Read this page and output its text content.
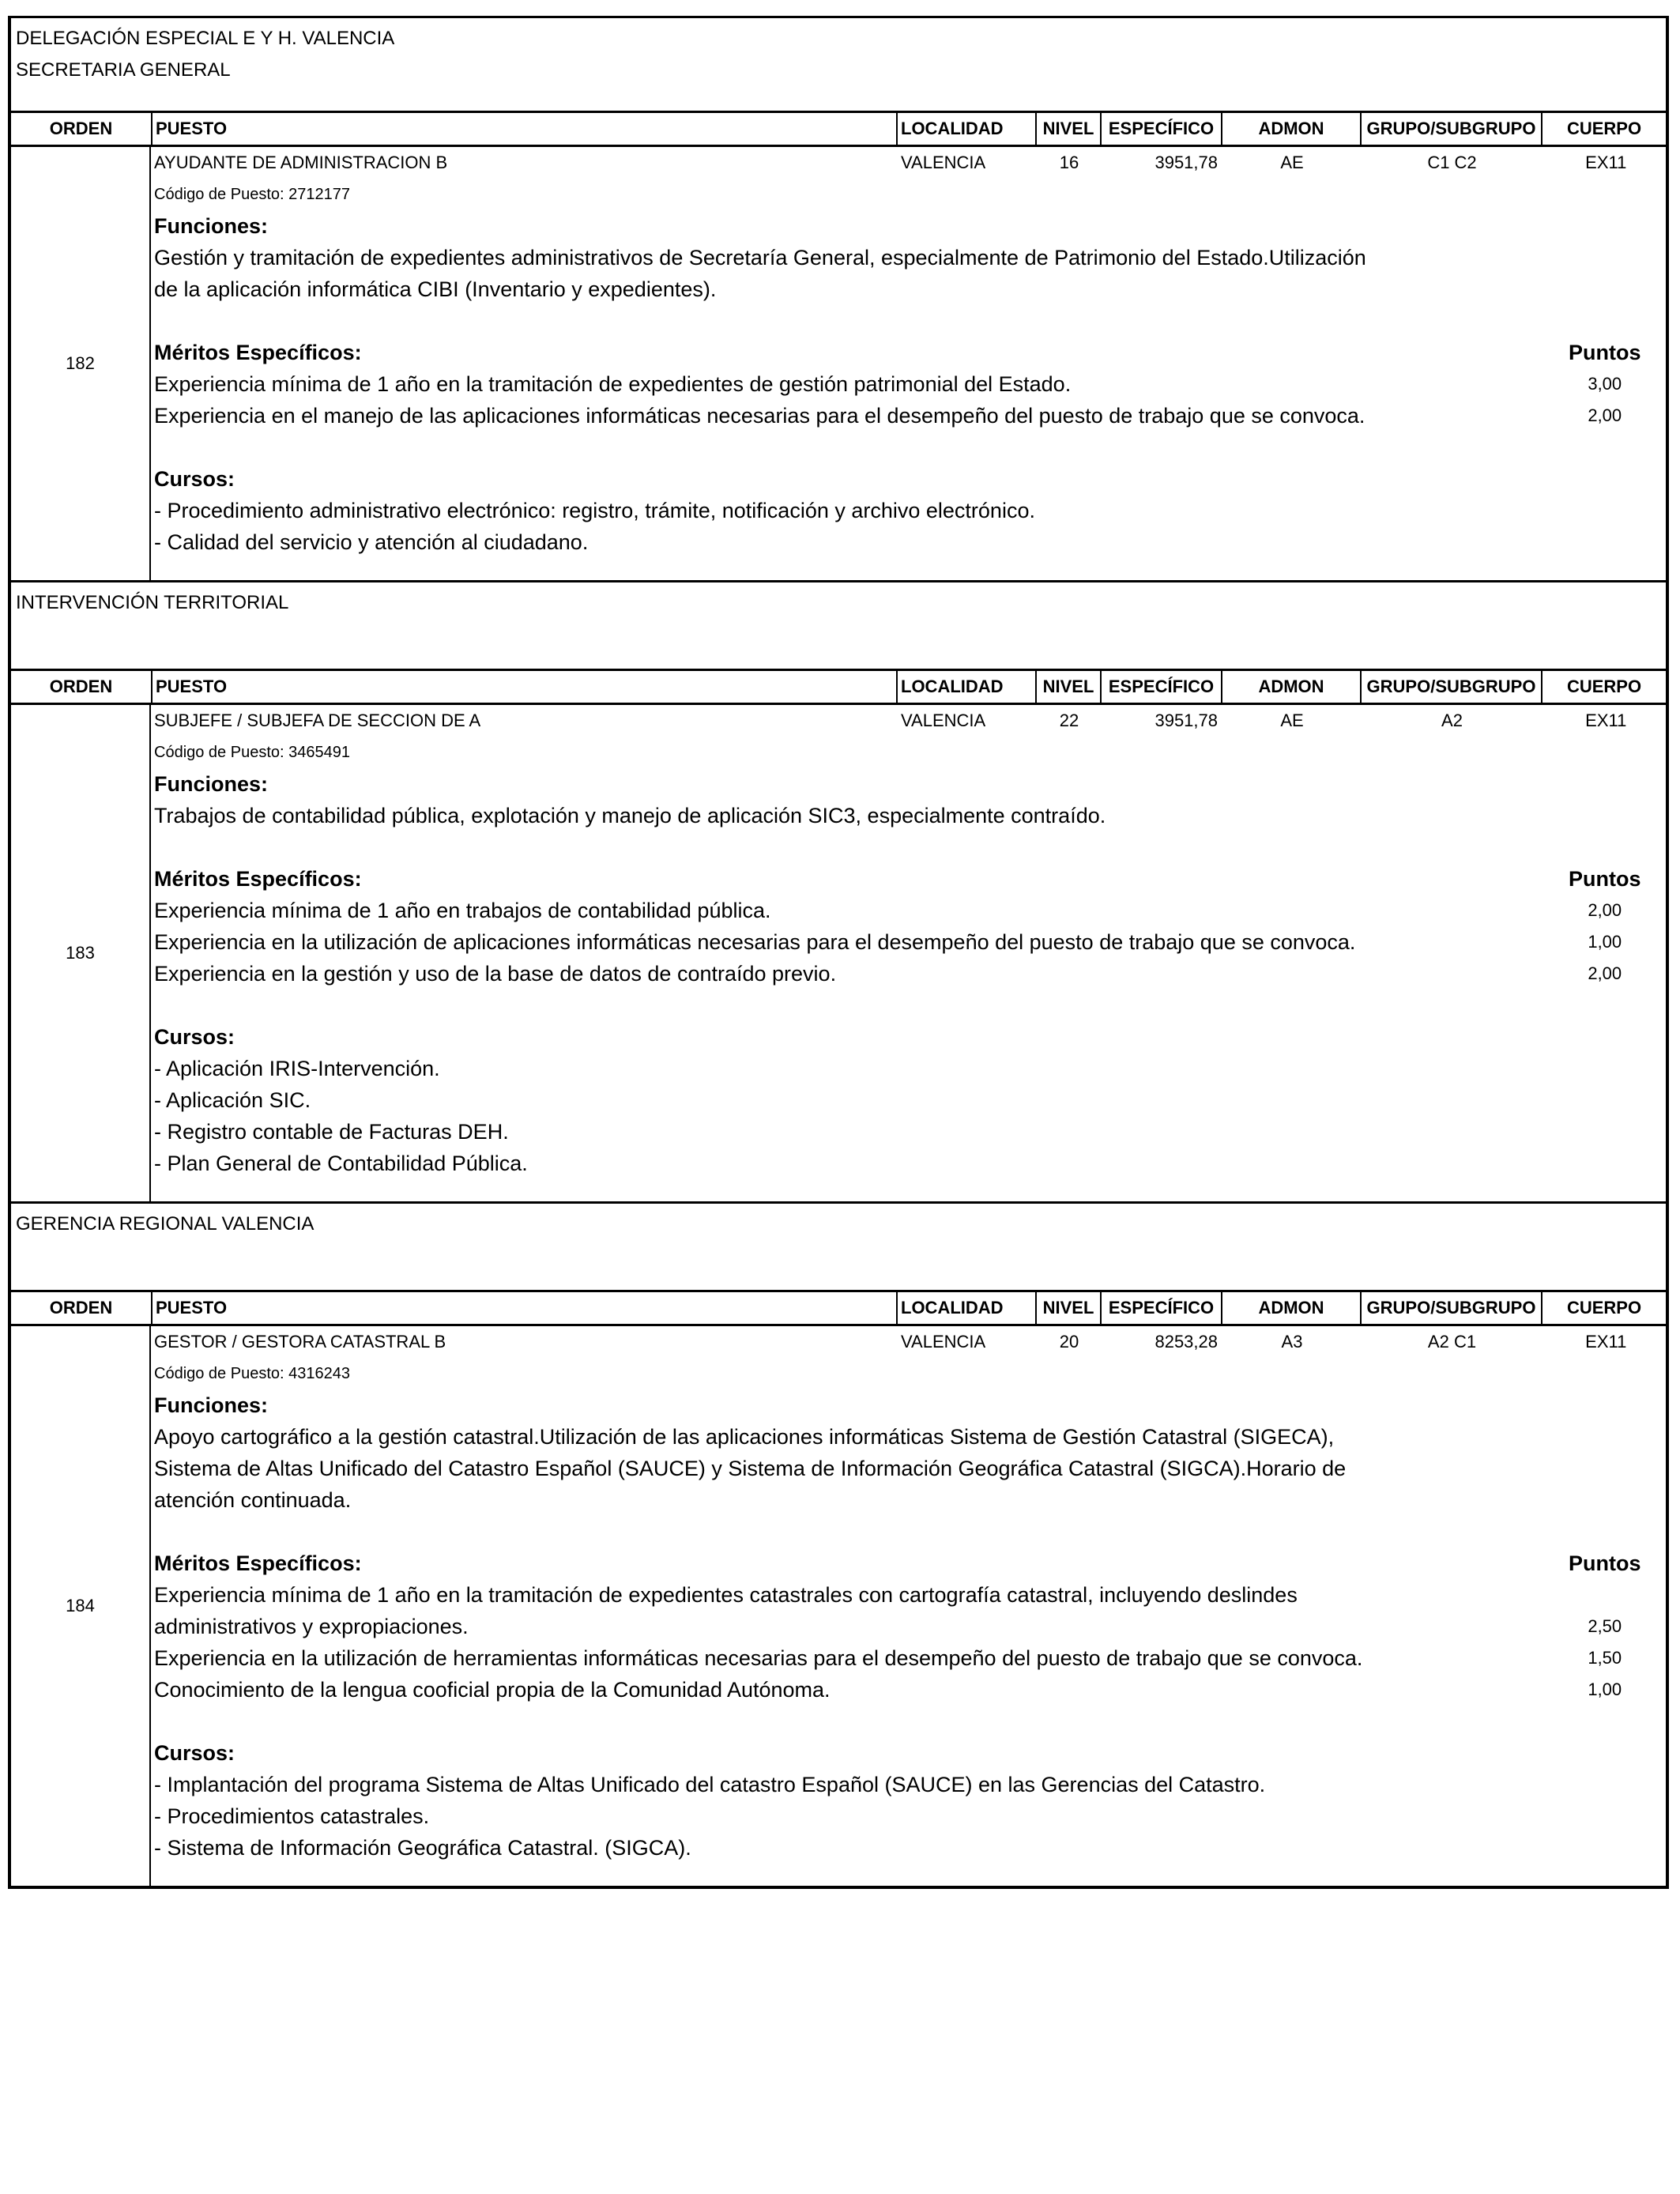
DELEGACIÓN ESPECIAL E Y H. VALENCIA
SECRETARIA GENERAL
ORDEN	PUESTO	LOCALIDAD	NIVEL ESPECÍFICO	ADMON	GRUPO/SUBGRUPO	CUERPO
182
AYUDANTE DE ADMINISTRACION B	VALENCIA	16	3951,78	AE	C1 C2	EX11
Código de Puesto: 2712177
Funciones:
Gestión y tramitación de expedientes administrativos de Secretaría General, especialmente de Patrimonio del Estado.Utilización
de la aplicación informática CIBI (Inventario y expedientes).
Méritos Específicos:	Puntos
Experiencia mínima de 1 año en la tramitación de expedientes de gestión patrimonial del Estado.	3,00
Experiencia en el manejo de las aplicaciones informáticas necesarias para el desempeño del puesto de trabajo que se convoca.	2,00
Cursos:
- Procedimiento administrativo electrónico: registro, trámite, notificación y archivo electrónico.
- Calidad del servicio y atención al ciudadano.
INTERVENCIÓN TERRITORIAL
ORDEN	PUESTO	LOCALIDAD	NIVEL ESPECÍFICO	ADMON	GRUPO/SUBGRUPO	CUERPO
183
SUBJEFE / SUBJEFA DE SECCION DE A	VALENCIA	22	3951,78	AE	A2	EX11
Código de Puesto: 3465491
Funciones:
Trabajos de contabilidad pública, explotación y manejo de aplicación SIC3, especialmente contraído.
Méritos Específicos:	Puntos
Experiencia mínima de 1 año en trabajos de contabilidad pública.	2,00
Experiencia en la utilización de aplicaciones informáticas necesarias para el desempeño del puesto de trabajo que se convoca.	1,00
Experiencia en la gestión y uso de la base de datos de contraído previo.	2,00
Cursos:
- Aplicación IRIS-Intervención.
- Aplicación SIC.
- Registro contable de Facturas DEH.
- Plan General de Contabilidad Pública.
GERENCIA REGIONAL VALENCIA
ORDEN	PUESTO	LOCALIDAD	NIVEL ESPECÍFICO	ADMON	GRUPO/SUBGRUPO	CUERPO
184
GESTOR / GESTORA CATASTRAL B	VALENCIA	20	8253,28	A3	A2 C1	EX11
Código de Puesto: 4316243
Funciones:
Apoyo cartográfico a la gestión catastral.Utilización de las aplicaciones informáticas Sistema de Gestión Catastral (SIGECA),
Sistema de Altas Unificado del Catastro Español (SAUCE) y Sistema de Información Geográfica Catastral (SIGCA).Horario de
atención continuada.
Méritos Específicos:	Puntos
Experiencia mínima de 1 año en la tramitación de expedientes catastrales con cartografía catastral, incluyendo deslindes
administrativos y expropiaciones.	2,50
Experiencia en la utilización de herramientas informáticas necesarias para el desempeño del puesto de trabajo que se convoca.	1,50
Conocimiento de la lengua cooficial propia de la Comunidad Autónoma.	1,00
Cursos:
- Implantación del programa Sistema de Altas Unificado del catastro Español (SAUCE) en las Gerencias del Catastro.
- Procedimientos catastrales.
- Sistema de Información Geográfica Catastral. (SIGCA).
